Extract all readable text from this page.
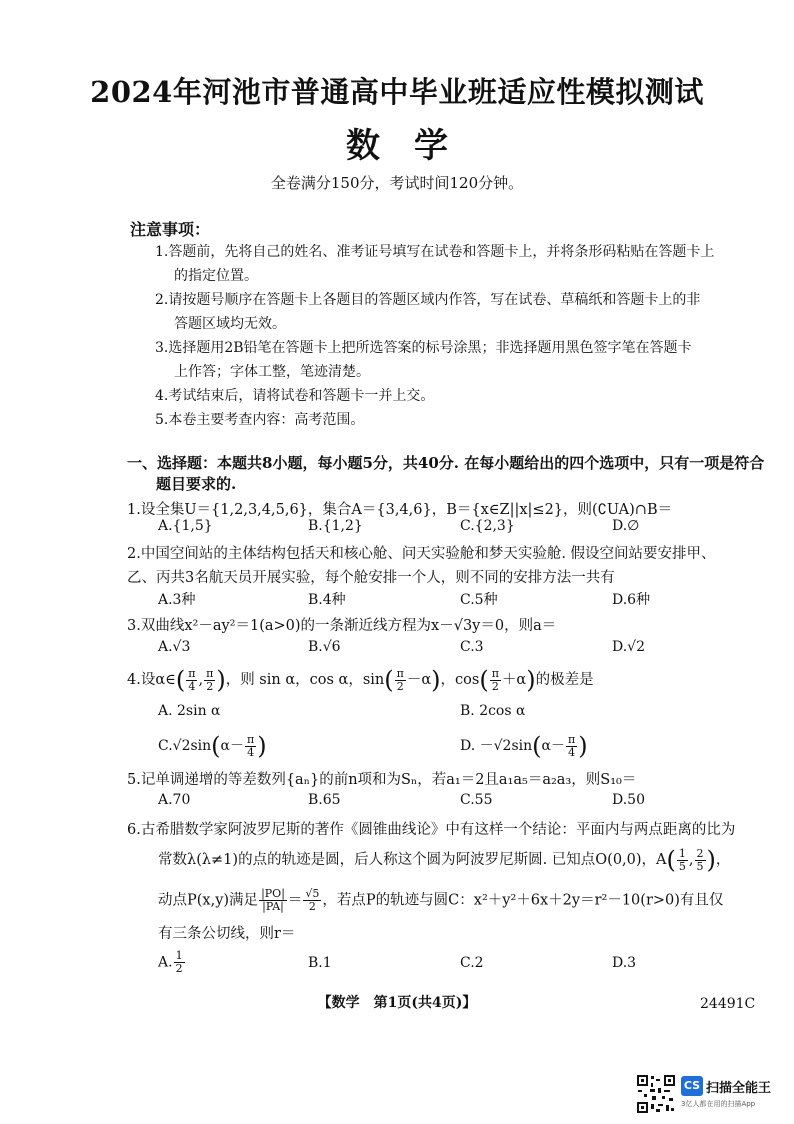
2024年河池市普通高中毕业班适应性模拟测试
数学
全卷满分150分，考试时间120分钟。
注意事项：
1.答题前，先将自己的姓名、准考证号填写在试卷和答题卡上，并将条形码粘贴在答题卡上
的指定位置。
2.请按题号顺序在答题卡上各题目的答题区域内作答，写在试卷、草稿纸和答题卡上的非
答题区域均无效。
3.选择题用2B铅笔在答题卡上把所选答案的标号涂黑；非选择题用黑色签字笔在答题卡
上作答；字体工整，笔迹清楚。
4.考试结束后，请将试卷和答题卡一并上交。
5.本卷主要考查内容：高考范围。
一、选择题：本题共8小题，每小题5分，共40分. 在每小题给出的四个选项中，只有一项是符合
题目要求的.
1.设全集U＝{1,2,3,4,5,6}，集合A＝{3,4,6}，B＝{x∈Z||x|≤2}，则(∁UA)∩B＝
A.{1,5}	B.{1,2}	C.{2,3}	D.∅
2.中国空间站的主体结构包括天和核心舱、问天实验舱和梦天实验舱. 假设空间站要安排甲、
乙、丙共3名航天员开展实验，每个舱安排一个人，则不同的安排方法一共有
A.3种	B.4种	C.5种	D.6种
3.双曲线x²－ay²＝1(a>0)的一条渐近线方程为x－√3y＝0，则a＝
A.√3	B.√6	C.3	D.√2
4.设α∈( $\frac{\pi}{4}$ , $\frac{\pi}{2}$ )，则 sin α，cos α，$\sin( \frac{\pi}{2} -\alpha)$，$\cos( \frac{\pi}{2} +\alpha)$的极差是
A. 2sin α	B. 2cos α
$C.√2\sin(\alpha- \frac{\pi}{4}$ )	D. $-√2\sin(\alpha- \frac{\pi}{4}$ )
5.记单调递增的等差数列{aₙ}的前n项和为Sₙ，若a₁＝2且a₁a₅＝a₂a₃，则S₁₀＝
A.70	B.65	C.55	D.50
6.古希腊数学家阿波罗尼斯的著作《圆锥曲线论》中有这样一个结论：平面内与两点距离的比为
常数λ(λ≠1)的点的轨迹是圆，后人称这个圆为阿波罗尼斯圆. 已知点O(0,0)，$A( \frac{1}{5}$ , $\frac{2}{5}$ )，
动点P(x,y)满足 $\frac{|PO|}{|PA|} = \frac{√5}{2}$ ，若点P的轨迹与圆C：x²＋y²＋6x＋2y＝r²－10(r>0)有且仅
有三条公切线，则r＝
A. $\frac{1}{2}$	B.1	C.2	D.3
【数学　第1页(共4页)】	24491C
CS 扫描全能王
3亿人都在用的扫描App
